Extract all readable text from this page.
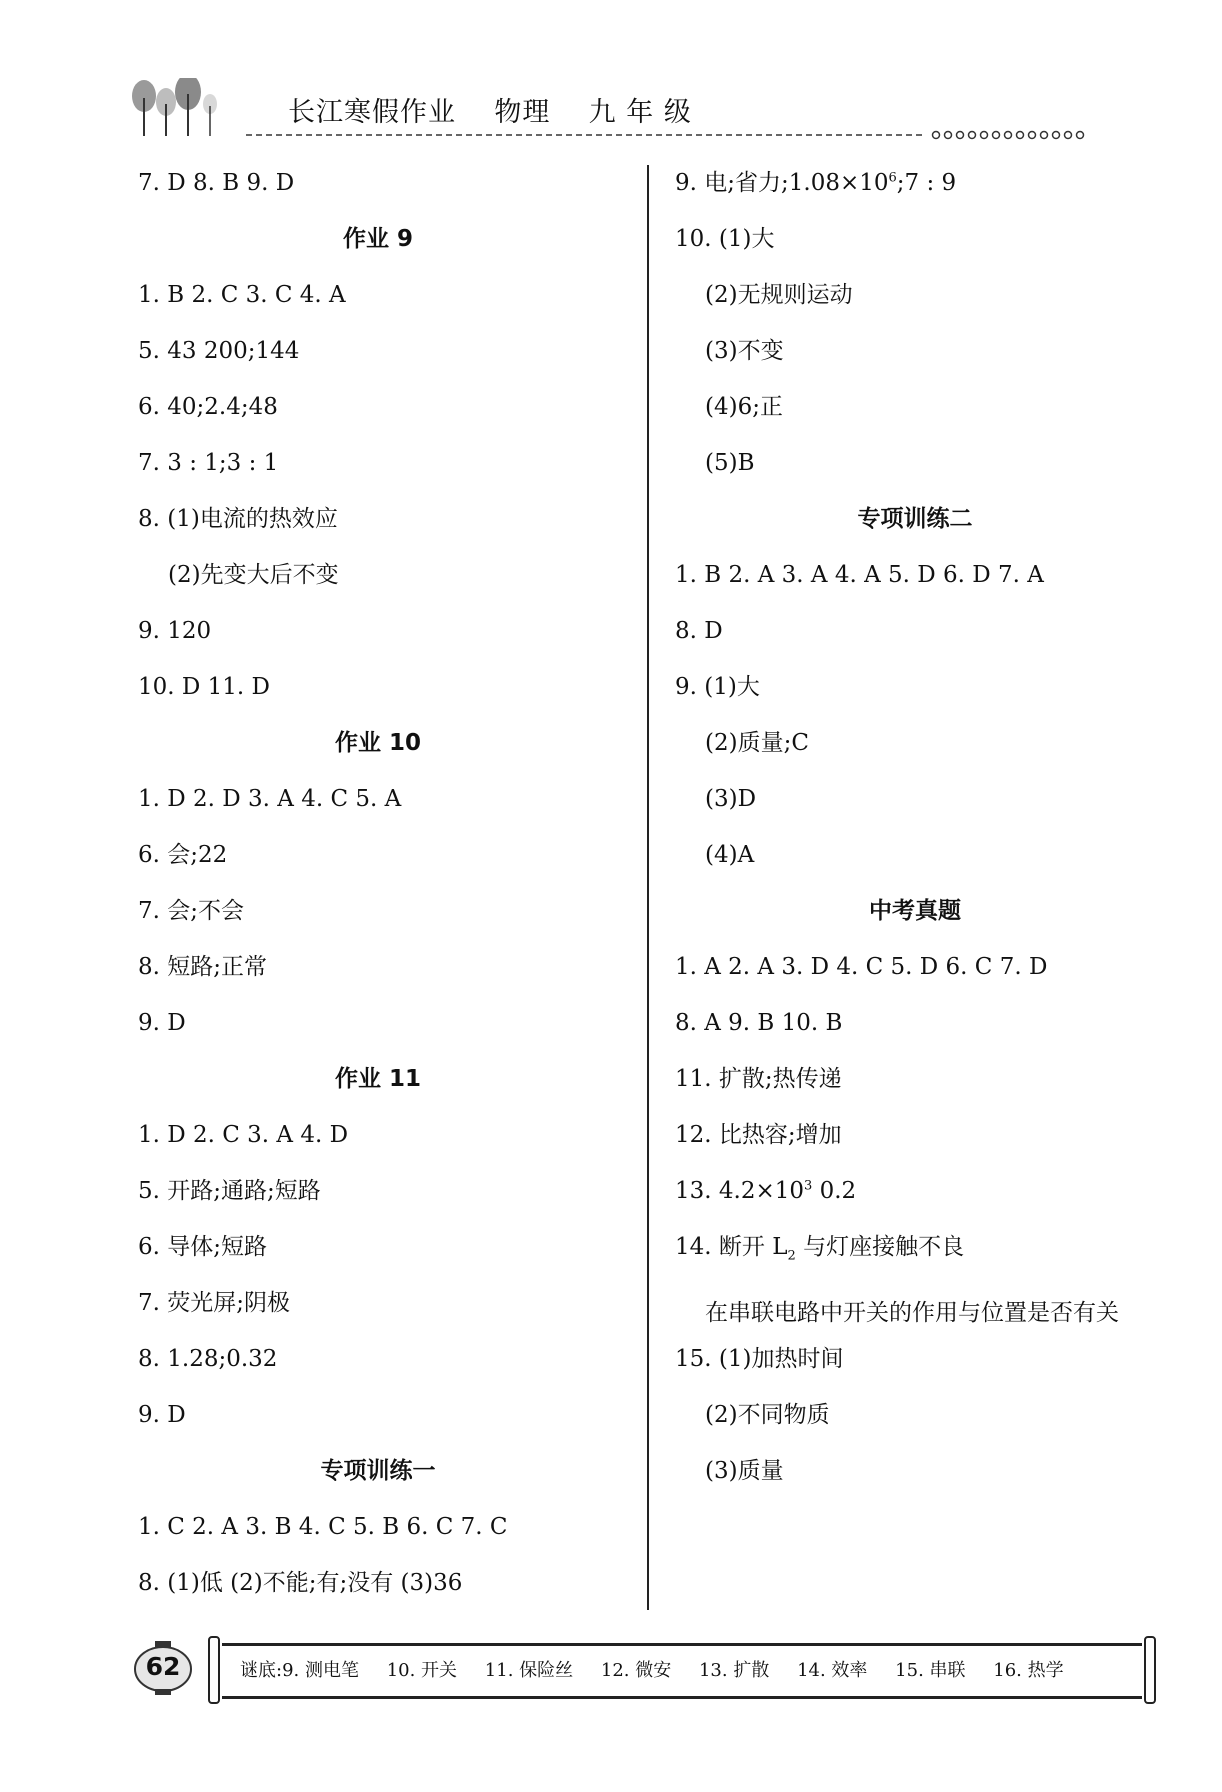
长江寒假作业    物理    九 年 级
7. D 8. B 9. D
作业 9
1. B 2. C 3. C 4. A
5. 43 200;144
6. 40;2.4;48
7. 3 : 1;3 : 1
8. (1)电流的热效应
(2)先变大后不变
9. 120
10. D 11. D
作业 10
1. D 2. D 3. A 4. C 5. A
6. 会;22
7. 会;不会
8. 短路;正常
9. D
作业 11
1. D 2. C 3. A 4. D
5. 开路;通路;短路
6. 导体;短路
7. 荧光屏;阴极
8. 1.28;0.32
9. D
专项训练一
1. C 2. A 3. B 4. C 5. B 6. C 7. C
8. (1)低 (2)不能;有;没有 (3)36
9. 电;省力$;1.08\times 10^6;7$ : 9
10. (1)大
(2)无规则运动
(3)不变
(4)6;正
(5)B
专项训练二
1. B 2. A 3. A 4. A 5. D 6. D 7. A
8. D
9. (1)大
(2)质量;C
(3)D
(4)A
中考真题
1. A 2. A 3. D 4. C 5. D 6. C 7. D
8. A 9. B 10. B
11. 扩散;热传递
12. 比热容;增加
13. $4.2\times 10^3$ 0.2
14. 断开 $L_2$ 与灯座接触不良
在串联电路中开关的作用与位置是否有关
15. (1)加热时间
(2)不同物质
(3)质量
62	谜底:9. 测电笔 10. 开关 11. 保险丝 12. 微安 13. 扩散 14. 效率 15. 串联 16. 热学
